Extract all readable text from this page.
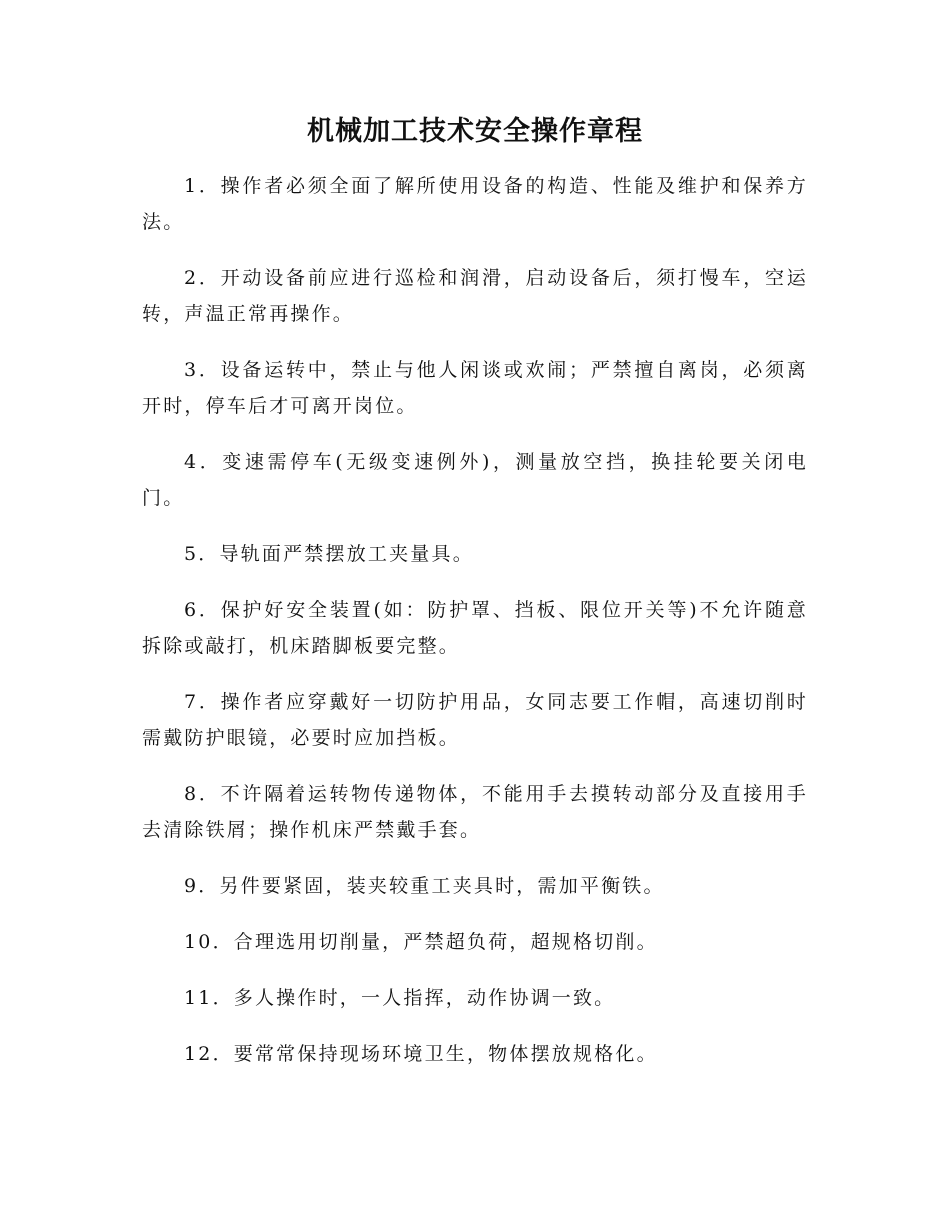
机械加工技术安全操作章程
1．操作者必须全面了解所使用设备的构造、性能及维护和保养方法。
2．开动设备前应进行巡检和润滑，启动设备后，须打慢车，空运转，声温正常再操作。
3．设备运转中，禁止与他人闲谈或欢闹；严禁擅自离岗，必须离开时，停车后才可离开岗位。
4．变速需停车(无级变速例外)，测量放空挡，换挂轮要关闭电门。
5．导轨面严禁摆放工夹量具。
6．保护好安全装置(如：防护罩、挡板、限位开关等)不允许随意拆除或敲打，机床踏脚板要完整。
7．操作者应穿戴好一切防护用品，女同志要工作帽，高速切削时需戴防护眼镜，必要时应加挡板。
8．不许隔着运转物传递物体，不能用手去摸转动部分及直接用手去清除铁屑；操作机床严禁戴手套。
9．另件要紧固，装夹较重工夹具时，需加平衡铁。
10．合理选用切削量，严禁超负荷，超规格切削。
11．多人操作时，一人指挥，动作协调一致。
12．要常常保持现场环境卫生，物体摆放规格化。
